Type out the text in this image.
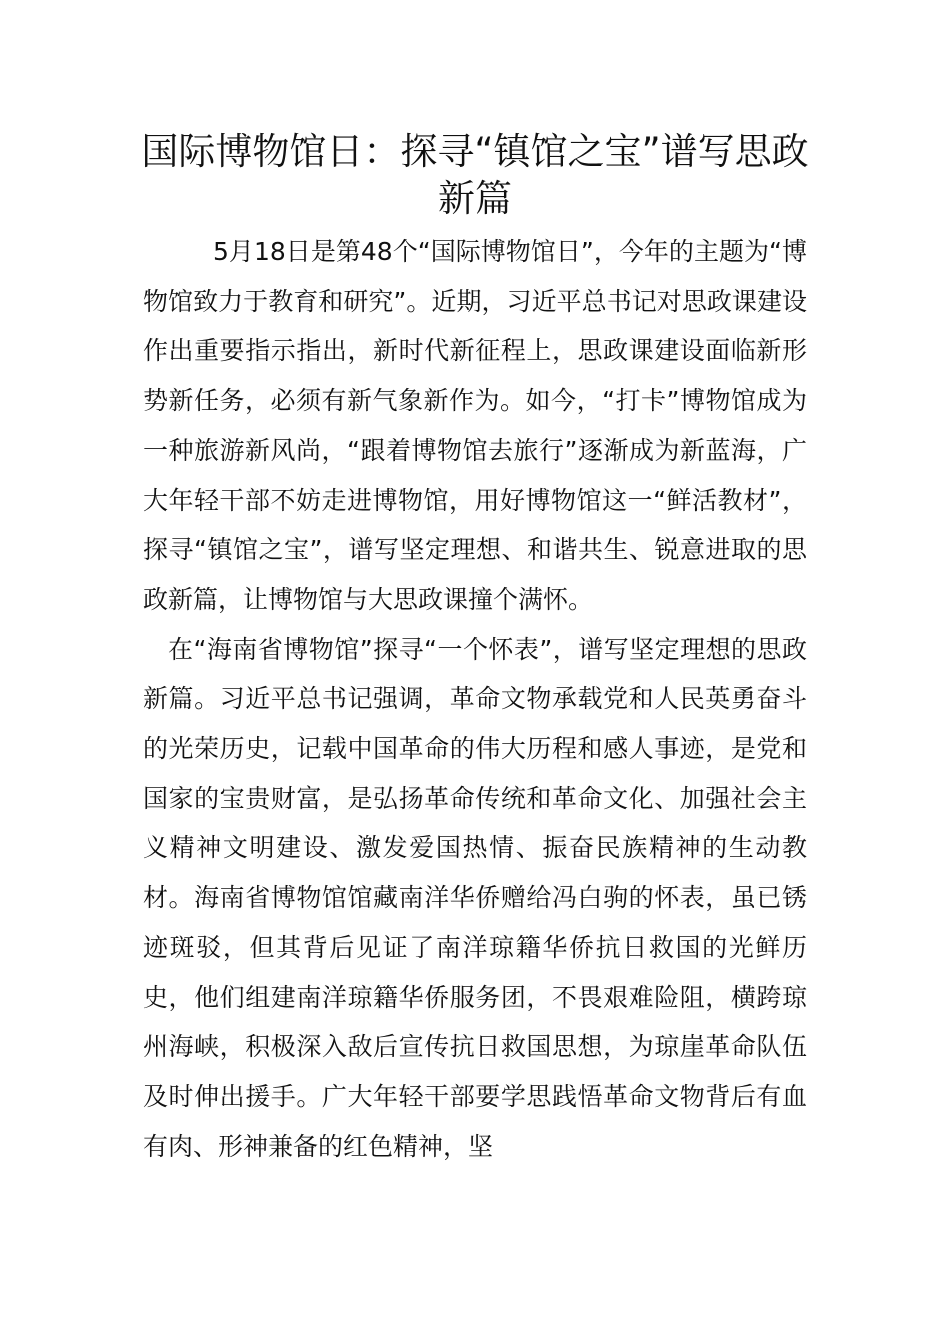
国际博物馆日：探寻“镇馆之宝”谱写思政新篇

5月18日是第48个“国际博物馆日”，今年的主题为“博物馆致力于教育和研究”。近期，习近平总书记对思政课建设作出重要指示指出，新时代新征程上，思政课建设面临新形势新任务，必须有新气象新作为。如今，“打卡”博物馆成为一种旅游新风尚，“跟着博物馆去旅行”逐渐成为新蓝海，广大年轻干部不妨走进博物馆，用好博物馆这一“鲜活教材”，探寻“镇馆之宝”，谱写坚定理想、和谐共生、锐意进取的思政新篇，让博物馆与大思政课撞个满怀。

在“海南省博物馆”探寻“一个怀表”，谱写坚定理想的思政新篇。习近平总书记强调，革命文物承载党和人民英勇奋斗的光荣历史，记载中国革命的伟大历程和感人事迹，是党和国家的宝贵财富，是弘扬革命传统和革命文化、加强社会主义精神文明建设、激发爱国热情、振奋民族精神的生动教材。海南省博物馆馆藏南洋华侨赠给冯白驹的怀表，虽已锈迹斑驳，但其背后见证了南洋琼籍华侨抗日救国的光鲜历史，他们组建南洋琼籍华侨服务团，不畏艰难险阻，横跨琼州海峡，积极深入敌后宣传抗日救国思想，为琼崖革命队伍及时伸出援手。广大年轻干部要学思践悟革命文物背后有血有肉、形神兼备的红色精神，坚
